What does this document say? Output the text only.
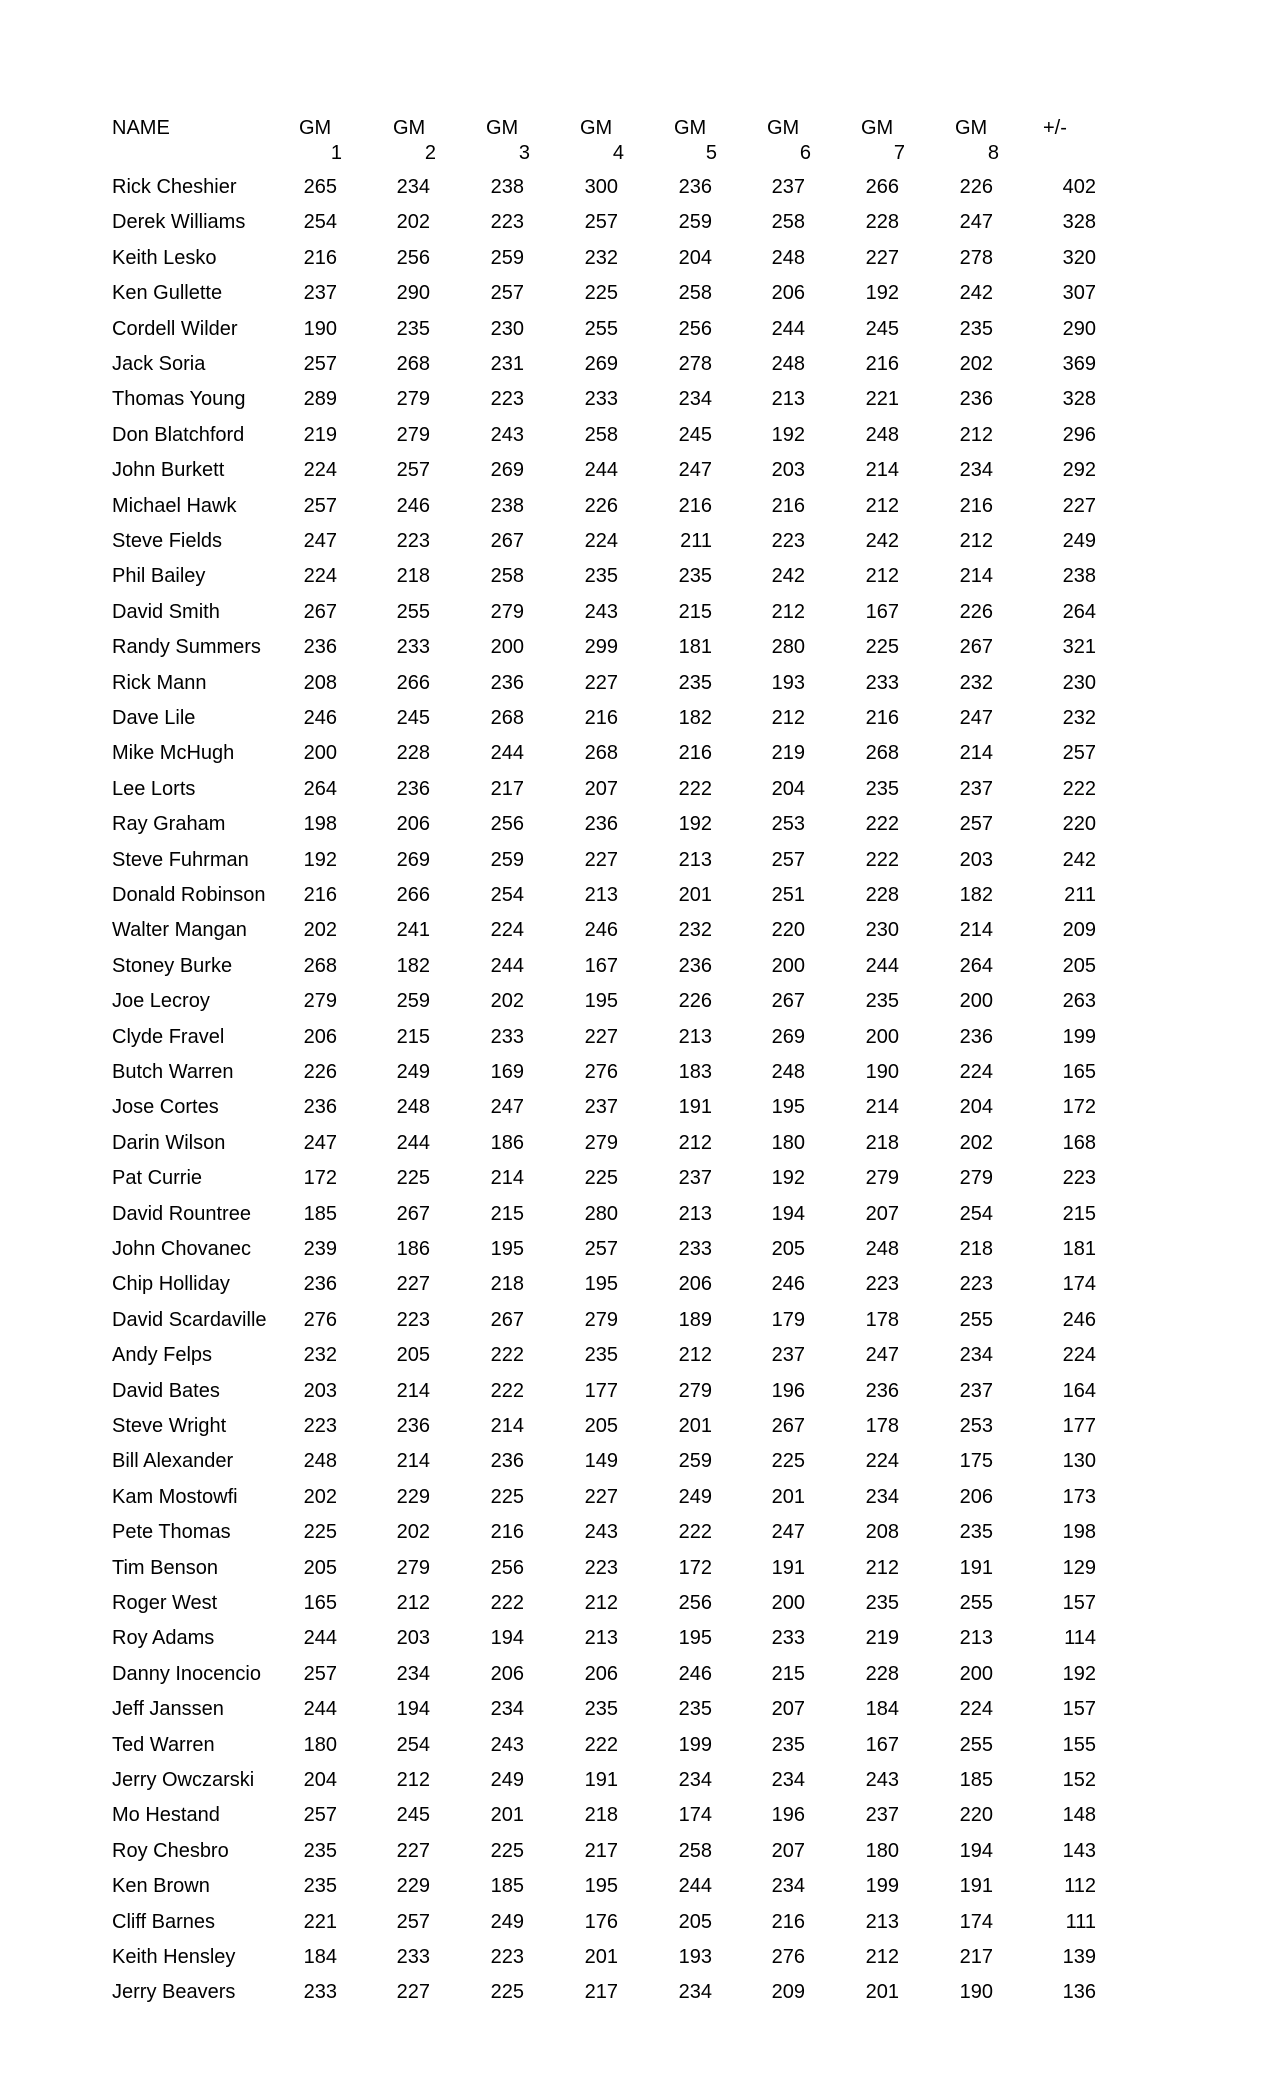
NAME	GM	GM	GM	GM	GM	GM	GM	GM	+/-
1	2	3	4	5	6	7	8
Rick Cheshier	265	234	238	300	236	237	266	226	402
Derek Williams	254	202	223	257	259	258	228	247	328
Keith Lesko	216	256	259	232	204	248	227	278	320
Ken Gullette	237	290	257	225	258	206	192	242	307
Cordell Wilder	190	235	230	255	256	244	245	235	290
Jack Soria	257	268	231	269	278	248	216	202	369
Thomas Young	289	279	223	233	234	213	221	236	328
Don Blatchford	219	279	243	258	245	192	248	212	296
John Burkett	224	257	269	244	247	203	214	234	292
Michael Hawk	257	246	238	226	216	216	212	216	227
Steve Fields	247	223	267	224	211	223	242	212	249
Phil Bailey	224	218	258	235	235	242	212	214	238
David Smith	267	255	279	243	215	212	167	226	264
Randy Summers	236	233	200	299	181	280	225	267	321
Rick Mann	208	266	236	227	235	193	233	232	230
Dave Lile	246	245	268	216	182	212	216	247	232
Mike McHugh	200	228	244	268	216	219	268	214	257
Lee Lorts	264	236	217	207	222	204	235	237	222
Ray Graham	198	206	256	236	192	253	222	257	220
Steve Fuhrman	192	269	259	227	213	257	222	203	242
Donald Robinson	216	266	254	213	201	251	228	182	211
Walter Mangan	202	241	224	246	232	220	230	214	209
Stoney Burke	268	182	244	167	236	200	244	264	205
Joe Lecroy	279	259	202	195	226	267	235	200	263
Clyde Fravel	206	215	233	227	213	269	200	236	199
Butch Warren	226	249	169	276	183	248	190	224	165
Jose Cortes	236	248	247	237	191	195	214	204	172
Darin Wilson	247	244	186	279	212	180	218	202	168
Pat Currie	172	225	214	225	237	192	279	279	223
David Rountree	185	267	215	280	213	194	207	254	215
John Chovanec	239	186	195	257	233	205	248	218	181
Chip Holliday	236	227	218	195	206	246	223	223	174
David Scardaville	276	223	267	279	189	179	178	255	246
Andy Felps	232	205	222	235	212	237	247	234	224
David Bates	203	214	222	177	279	196	236	237	164
Steve Wright	223	236	214	205	201	267	178	253	177
Bill Alexander	248	214	236	149	259	225	224	175	130
Kam Mostowfi	202	229	225	227	249	201	234	206	173
Pete Thomas	225	202	216	243	222	247	208	235	198
Tim Benson	205	279	256	223	172	191	212	191	129
Roger West	165	212	222	212	256	200	235	255	157
Roy Adams	244	203	194	213	195	233	219	213	114
Danny Inocencio	257	234	206	206	246	215	228	200	192
Jeff Janssen	244	194	234	235	235	207	184	224	157
Ted Warren	180	254	243	222	199	235	167	255	155
Jerry Owczarski	204	212	249	191	234	234	243	185	152
Mo Hestand	257	245	201	218	174	196	237	220	148
Roy Chesbro	235	227	225	217	258	207	180	194	143
Ken Brown	235	229	185	195	244	234	199	191	112
Cliff Barnes	221	257	249	176	205	216	213	174	111
Keith Hensley	184	233	223	201	193	276	212	217	139
Jerry Beavers	233	227	225	217	234	209	201	190	136
